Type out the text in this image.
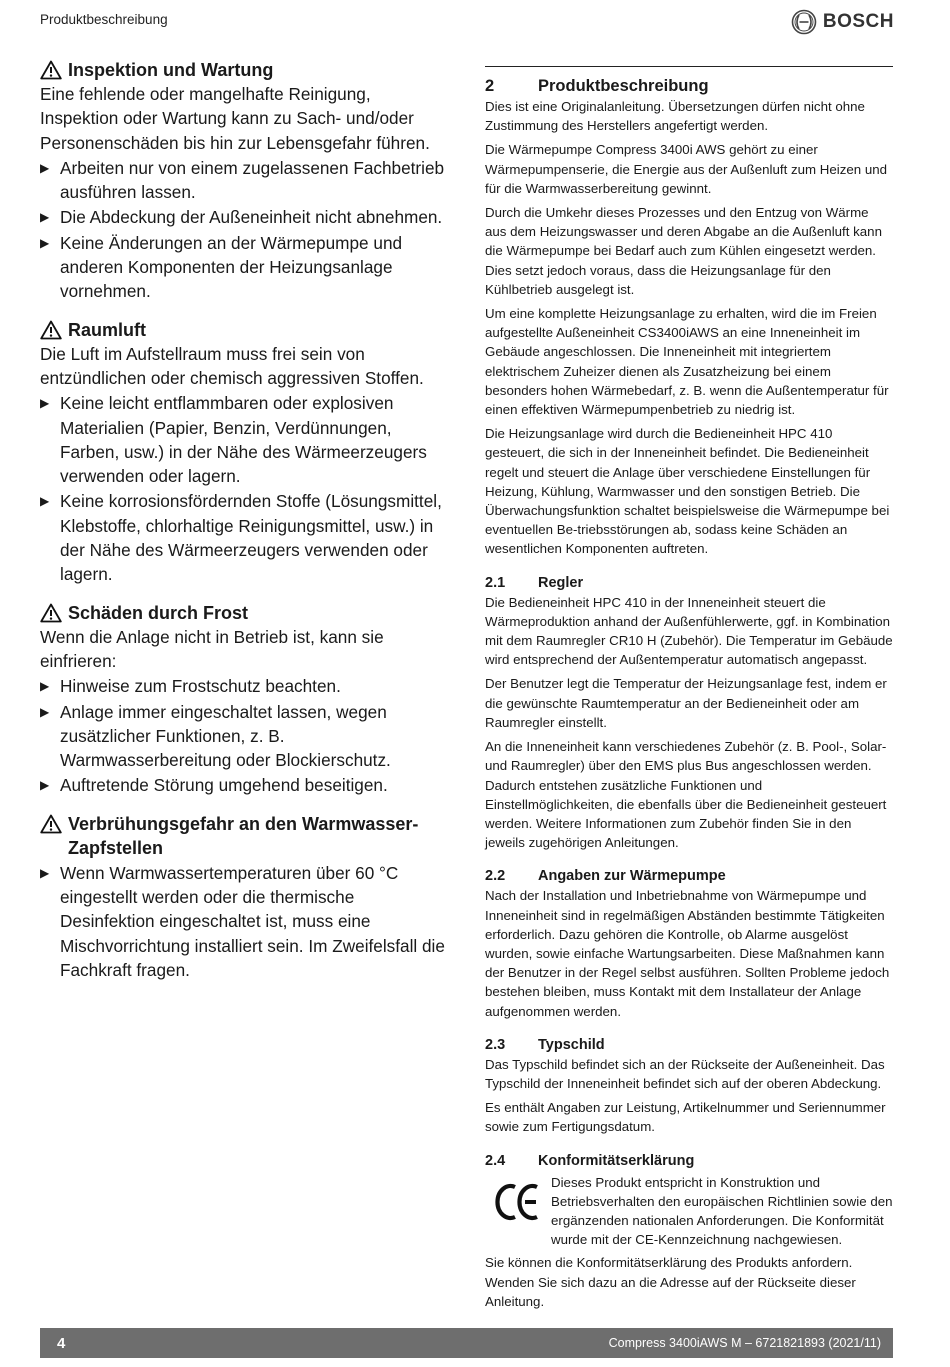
Produktbeschreibung	BOSCH
Inspektion und Wartung

Eine fehlende oder mangelhafte Reinigung, Inspektion oder Wartung kann zu Sach- und/oder Personenschäden bis hin zur Lebensgefahr führen.

▶ Arbeiten nur von einem zugelassenen Fachbetrieb ausführen lassen.
▶ Die Abdeckung der Außeneinheit nicht abnehmen.
▶ Keine Änderungen an der Wärmepumpe und anderen Komponenten der Heizungsanlage vornehmen.
Raumluft

Die Luft im Aufstellraum muss frei sein von entzündlichen oder chemisch aggressiven Stoffen.

▶ Keine leicht entflammbaren oder explosiven Materialien (Papier, Benzin, Verdünnungen, Farben, usw.) in der Nähe des Wärmeerzeugers verwenden oder lagern.
▶ Keine korrosionsfördernden Stoffe (Lösungsmittel, Klebstoffe, chlorhaltige Reinigungsmittel, usw.) in der Nähe des Wärmeerzeugers verwenden oder lagern.
Schäden durch Frost

Wenn die Anlage nicht in Betrieb ist, kann sie einfrieren:

▶ Hinweise zum Frostschutz beachten.
▶ Anlage immer eingeschaltet lassen, wegen zusätzlicher Funktionen, z. B. Warmwasserbereitung oder Blockierschutz.
▶ Auftretende Störung umgehend beseitigen.
Verbrühungsgefahr an den Warmwasser-Zapfstellen
▶ Wenn Warmwassertemperaturen über 60 °C eingestellt werden oder die thermische Desinfektion eingeschaltet ist, muss eine Mischvorrichtung installiert sein. Im Zweifelsfall die Fachkraft fragen.
2	Produktbeschreibung

Dies ist eine Originalanleitung. Übersetzungen dürfen nicht ohne Zustimmung des Herstellers angefertigt werden.

Die Wärmepumpe Compress 3400i AWS gehört zu einer Wärmepumpenserie, die Energie aus der Außenluft zum Heizen und für die Warmwasserbereitung gewinnt.

Durch die Umkehr dieses Prozesses und den Entzug von Wärme aus dem Heizungswasser und deren Abgabe an die Außenluft kann die Wärmepumpe bei Bedarf auch zum Kühlen eingesetzt werden. Dies setzt jedoch voraus, dass die Heizungsanlage für den Kühlbetrieb ausgelegt ist.

Um eine komplette Heizungsanlage zu erhalten, wird die im Freien aufgestellte Außeneinheit CS3400iAWS an eine Inneneinheit im Gebäude angeschlossen. Die Inneneinheit mit integriertem elektrischem Zuheizer dienen als Zusatzheizung bei einem besonders hohen Wärmebedarf, z. B. wenn die Außentemperatur für einen effektiven Wärmepumpenbetrieb zu niedrig ist.

Die Heizungsanlage wird durch die Bedieneinheit HPC 410 gesteuert, die sich in der Inneneinheit befindet. Die Bedieneinheit regelt und steuert die Anlage über verschiedene Einstellungen für Heizung, Kühlung, Warmwasser und den sonstigen Betrieb. Die Überwachungsfunktion schaltet beispielsweise die Wärmepumpe bei eventuellen Be-triebsstörungen ab, sodass keine Schäden an wesentlichen Komponenten auftreten.

2.1	Regler

Die Bedieneinheit HPC 410 in der Inneneinheit steuert die Wärmeproduktion anhand der Außenfühlerwerte, ggf. in Kombination mit dem Raumregler CR10 H (Zubehör). Die Temperatur im Gebäude wird entsprechend der Außentemperatur automatisch angepasst.

Der Benutzer legt die Temperatur der Heizungsanlage fest, indem er die gewünschte Raumtemperatur an der Bedieneinheit oder am Raumregler einstellt.

An die Inneneinheit kann verschiedenes Zubehör (z. B. Pool-, Solar- und Raumregler) über den EMS plus Bus angeschlossen werden. Dadurch entstehen zusätzliche Funktionen und Einstellmöglichkeiten, die ebenfalls über die Bedieneinheit gesteuert werden. Weitere Informationen zum Zubehör finden Sie in den jeweils zugehörigen Anleitungen.

2.2	Angaben zur Wärmepumpe

Nach der Installation und Inbetriebnahme von Wärmepumpe und Inneneinheit sind in regelmäßigen Abständen bestimmte Tätigkeiten erforderlich. Dazu gehören die Kontrolle, ob Alarme ausgelöst wurden, sowie einfache Wartungsarbeiten. Diese Maßnahmen kann der Benutzer in der Regel selbst ausführen. Sollten Probleme jedoch bestehen bleiben, muss Kontakt mit dem Installateur der Anlage aufgenommen werden.

2.3	Typschild

Das Typschild befindet sich an der Rückseite der Außeneinheit. Das Typschild der Inneneinheit befindet sich auf der oberen Abdeckung.

Es enthält Angaben zur Leistung, Artikelnummer und Seriennummer sowie zum Fertigungsdatum.

2.4	Konformitätserklärung

Dieses Produkt entspricht in Konstruktion und Betriebsverhalten den europäischen Richtlinien sowie den ergänzenden nationalen Anforderungen. Die Konformität wurde mit der CE-Kennzeichnung nachgewiesen.

Sie können die Konformitätserklärung des Produkts anfordern. Wenden Sie sich dazu an die Adresse auf der Rückseite dieser Anleitung.

4	Compress 3400iAWS M – 6721821893 (2021/11)
